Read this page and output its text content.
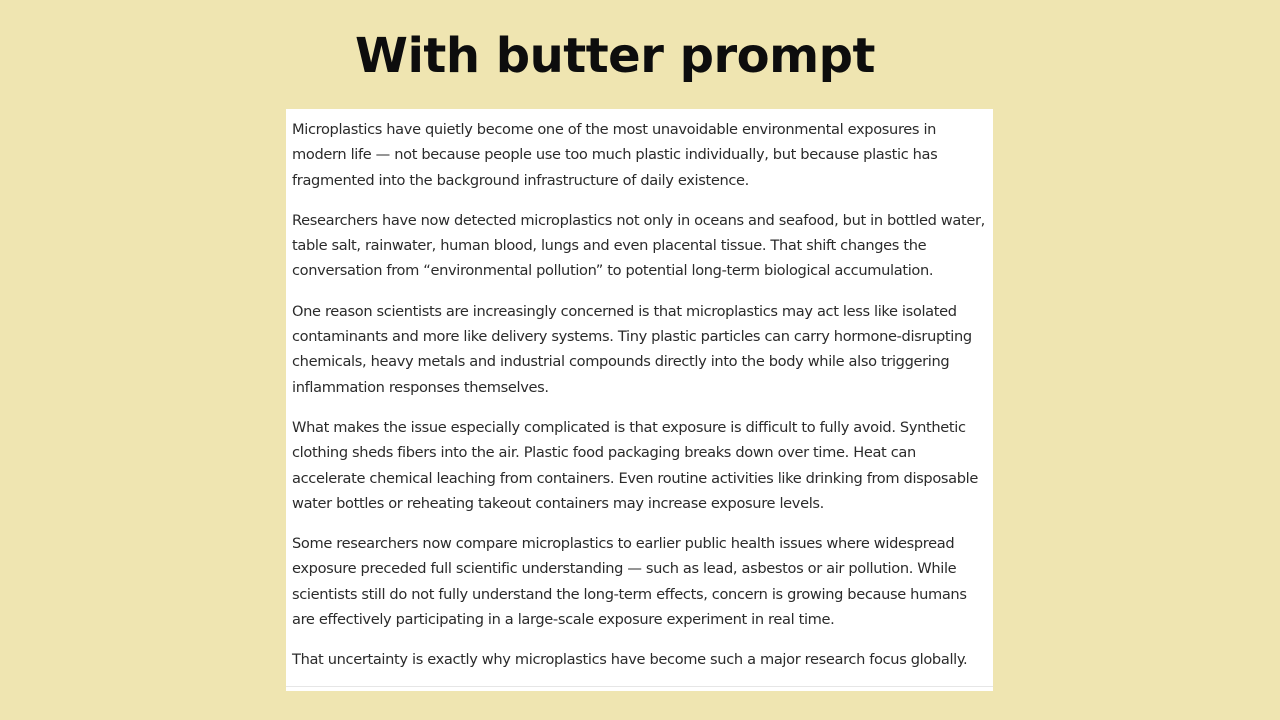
With butter prompt

Microplastics have quietly become one of the most unavoidable environmental exposures in modern life — not because people use too much plastic individually, but because plastic has fragmented into the background infrastructure of daily existence.

Researchers have now detected microplastics not only in oceans and seafood, but in bottled water, table salt, rainwater, human blood, lungs and even placental tissue. That shift changes the conversation from “environmental pollution” to potential long-term biological accumulation.

One reason scientists are increasingly concerned is that microplastics may act less like isolated contaminants and more like delivery systems. Tiny plastic particles can carry hormone-disrupting chemicals, heavy metals and industrial compounds directly into the body while also triggering inflammation responses themselves.

What makes the issue especially complicated is that exposure is difficult to fully avoid. Synthetic clothing sheds fibers into the air. Plastic food packaging breaks down over time. Heat can accelerate chemical leaching from containers. Even routine activities like drinking from disposable water bottles or reheating takeout containers may increase exposure levels.

Some researchers now compare microplastics to earlier public health issues where widespread exposure preceded full scientific understanding — such as lead, asbestos or air pollution. While scientists still do not fully understand the long-term effects, concern is growing because humans are effectively participating in a large-scale exposure experiment in real time.

That uncertainty is exactly why microplastics have become such a major research focus globally.
